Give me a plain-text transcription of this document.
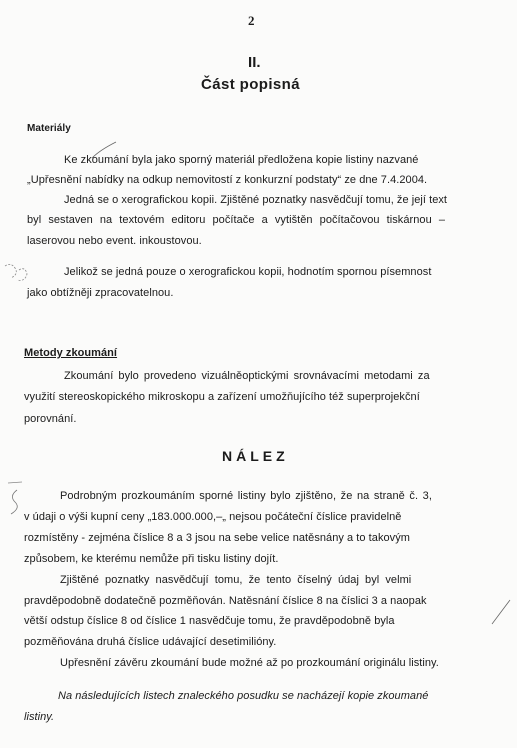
2
II.
Část popisná
Materiály
Ke zkoumání byla jako sporný materiál předložena kopie listiny nazvané
„Upřesnění nabídky na odkup nemovitostí z konkurzní podstaty“ ze dne 7.4.2004.
Jedná se o xerografickou kopii. Zjištěné poznatky nasvědčují tomu, že její text
byl sestaven na textovém editoru počítače a vytištěn počítačovou tiskárnou –
laserovou nebo event. inkoustovou.
Jelikož se jedná pouze o xerografickou kopii, hodnotím spornou písemnost
jako obtížněji zpracovatelnou.
Metody zkoumání
Zkoumání bylo provedeno vizuálněoptickými srovnávacími metodami za
využití stereoskopického mikroskopu a zařízení umožňujícího též superprojekční
porovnání.
NÁLEZ
Podrobným prozkoumáním sporné listiny bylo zjištěno, že na straně č. 3,
v údaji o výši kupní ceny „183.000.000,–„ nejsou počáteční číslice pravidelně
rozmístěny - zejména číslice 8 a 3 jsou na sebe velice natěsnány a to takovým
způsobem, ke kterému nemůže při tisku listiny dojít.
Zjištěné poznatky nasvědčují tomu, že tento číselný údaj byl velmi
pravděpodobně dodatečně pozměňován. Natěsnání číslice 8 na číslici 3 a naopak
větší odstup číslice 8 od číslice 1 nasvědčuje tomu, že pravděpodobně byla
pozměňována druhá číslice udávající desetimilióny.
Upřesnění závěru zkoumání bude možné až po prozkoumání originálu listiny.
Na následujících listech znaleckého posudku se nacházejí kopie zkoumané
listiny.
